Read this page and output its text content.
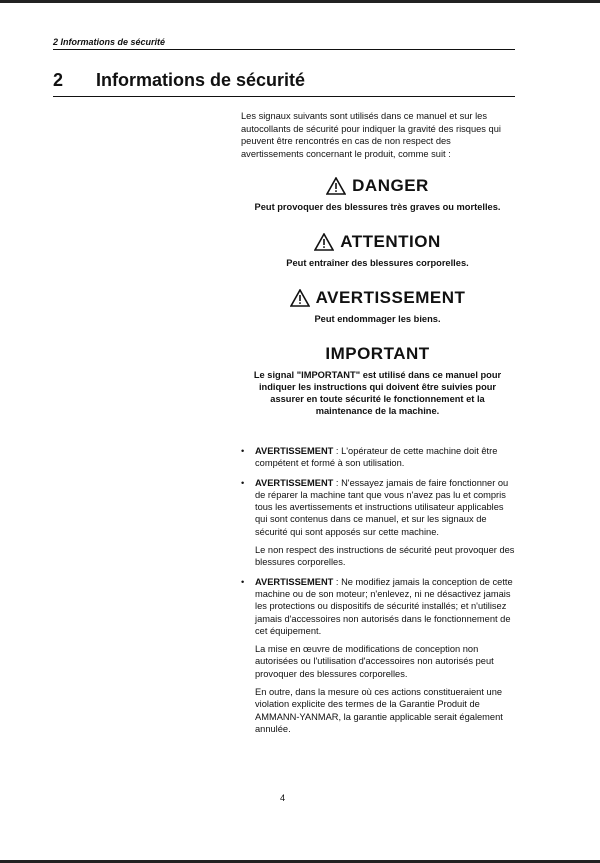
2 Informations de sécurité
2 Informations de sécurité
Les signaux suivants sont utilisés dans ce manuel et sur les autocollants de sécurité pour indiquer la gravité des risques qui peuvent être rencontrés en cas de non respect des avertissements concernant le produit, comme suit :
DANGER
Peut provoquer des blessures très graves ou mortelles.
ATTENTION
Peut entraîner des blessures corporelles.
AVERTISSEMENT
Peut endommager les biens.
IMPORTANT
Le signal "IMPORTANT" est utilisé dans ce manuel pour indiquer les instructions qui doivent être suivies pour assurer en toute sécurité le fonctionnement et la maintenance de la machine.
• AVERTISSEMENT : L'opérateur de cette machine doit être compétent et formé à son utilisation.

• AVERTISSEMENT : N'essayez jamais de faire fonctionner ou de réparer la machine tant que vous n'avez pas lu et compris tous les avertissements et instructions utilisateur applicables qui sont contenus dans ce manuel, et sur les signaux de sécurité qui sont apposés sur cette machine.

Le non respect des instructions de sécurité peut provoquer des blessures corporelles.

• AVERTISSEMENT : Ne modifiez jamais la conception de cette machine ou de son moteur; n'enlevez, ni ne désactivez jamais les protections ou dispositifs de sécurité installés; et n'utilisez jamais d'accessoires non autorisés dans le fonctionnement de cet équipement.

La mise en œuvre de modifications de conception non autorisées ou l'utilisation d'accessoires non autorisés peut provoquer des blessures corporelles.

En outre, dans la mesure où ces actions constitueraient une violation explicite des termes de la Garantie Produit de AMMANN-YANMAR, la garantie applicable serait également annulée.

4
